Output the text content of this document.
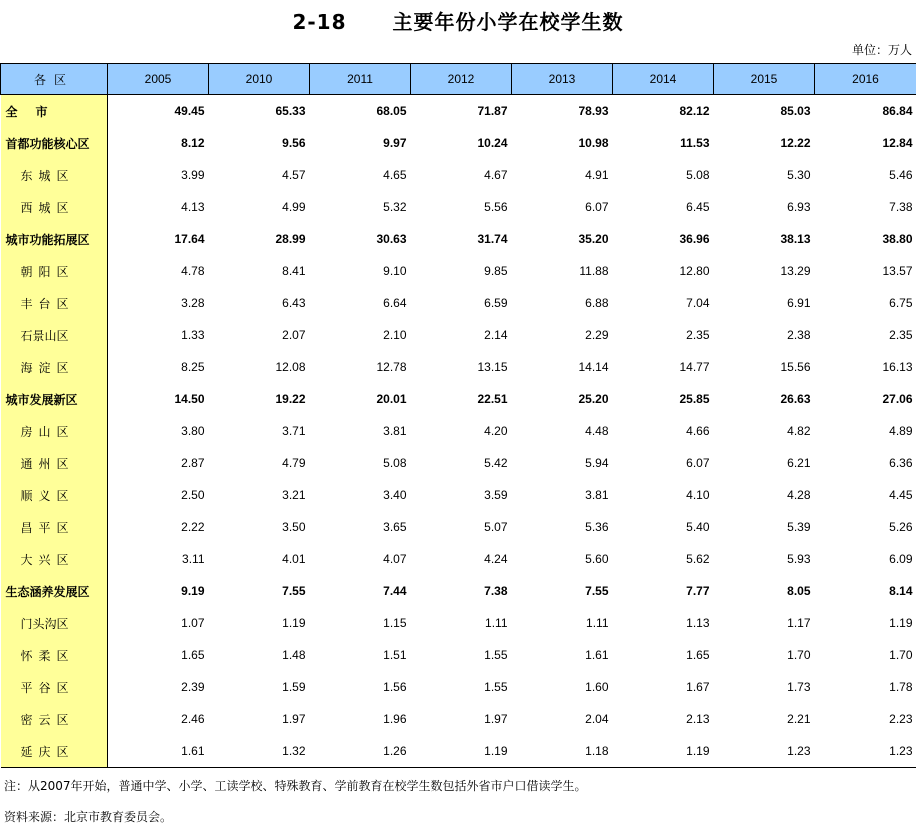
2-18 主要年份小学在校学生数
单位：万人
各区	2005	2010	2011	2012	2013	2014	2015	2016
全市	49.45	65.33	68.05	71.87	78.93	82.12	85.03	86.84
首都功能核心区	8.12	9.56	9.97	10.24	10.98	11.53	12.22	12.84
东城区	3.99	4.57	4.65	4.67	4.91	5.08	5.30	5.46
西城区	4.13	4.99	5.32	5.56	6.07	6.45	6.93	7.38
城市功能拓展区	17.64	28.99	30.63	31.74	35.20	36.96	38.13	38.80
朝阳区	4.78	8.41	9.10	9.85	11.88	12.80	13.29	13.57
丰台区	3.28	6.43	6.64	6.59	6.88	7.04	6.91	6.75
石景山区	1.33	2.07	2.10	2.14	2.29	2.35	2.38	2.35
海淀区	8.25	12.08	12.78	13.15	14.14	14.77	15.56	16.13
城市发展新区	14.50	19.22	20.01	22.51	25.20	25.85	26.63	27.06
房山区	3.80	3.71	3.81	4.20	4.48	4.66	4.82	4.89
通州区	2.87	4.79	5.08	5.42	5.94	6.07	6.21	6.36
顺义区	2.50	3.21	3.40	3.59	3.81	4.10	4.28	4.45
昌平区	2.22	3.50	3.65	5.07	5.36	5.40	5.39	5.26
大兴区	3.11	4.01	4.07	4.24	5.60	5.62	5.93	6.09
生态涵养发展区	9.19	7.55	7.44	7.38	7.55	7.77	8.05	8.14
门头沟区	1.07	1.19	1.15	1.11	1.11	1.13	1.17	1.19
怀柔区	1.65	1.48	1.51	1.55	1.61	1.65	1.70	1.70
平谷区	2.39	1.59	1.56	1.55	1.60	1.67	1.73	1.78
密云区	2.46	1.97	1.96	1.97	2.04	2.13	2.21	2.23
延庆区	1.61	1.32	1.26	1.19	1.18	1.19	1.23	1.23
注：从2007年开始，普通中学、小学、工读学校、特殊教育、学前教育在校学生数包括外省市户口借读学生。
资料来源：北京市教育委员会。
